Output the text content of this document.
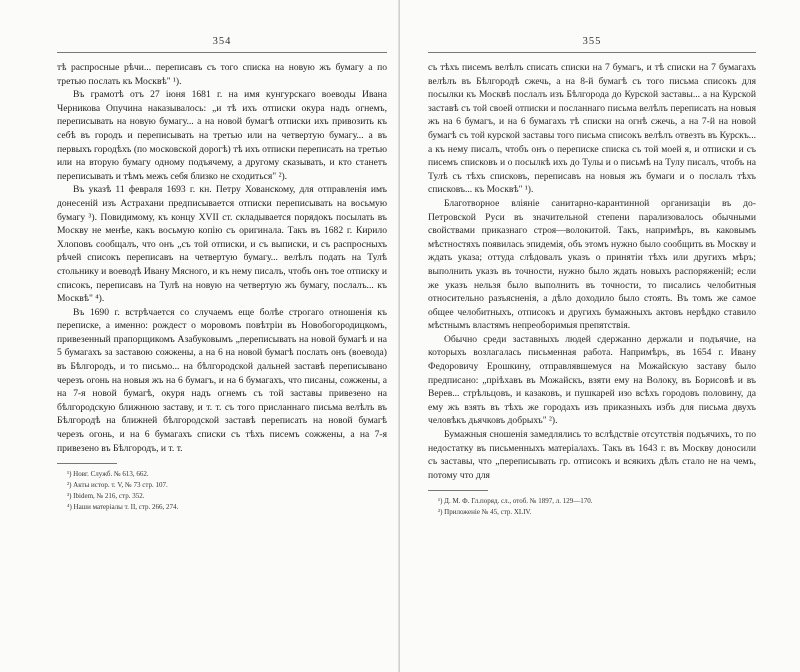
354

тѣ распросные рѣчи... переписавъ съ того списка на новую жъ бумагу а по третью послать къ Москвѣ" ¹).

Въ грамотѣ отъ 27 іюня 1681 г. на имя кунгурскаго воеводы Ивана Черникова Опучина наказывалось: „и тѣ ихъ отписки окура надъ огнемъ, переписывать на новую бумагу... а на новой бумагѣ отписки ихъ привозить къ себѣ въ городъ и переписывать на третью или на четвертую бумагу... а въ первыхъ городѣхъ (по московской дорогѣ) тѣ ихъ отписки переписать на третью или на вторую бумагу одному подъячему, а другому сказывать, и кто станетъ переписывать и тѣмъ межъ себя близко не сходиться" ²).

Въ указѣ 11 февраля 1693 г. кн. Петру Хованскому, для отправленія имъ донесеній изъ Астрахани предписывается отписки переписывать на восьмую бумагу ³). Повидимому, къ концу XVII ст. складывается порядокъ посылать въ Москву не менѣе, какъ восьмую копію съ оригинала. Такъ въ 1682 г. Кирило Хлоповъ сообщалъ, что онъ „съ той отписки, и съ выписки, и съ распросныхъ рѣчей списокъ переписавъ на четвертую бумагу... велѣлъ подать на Тулѣ стольнику и воеводѣ Ивану Мясного, и къ нему писалъ, чтобъ онъ тое отписку и списокъ, переписавъ на Тулѣ на новую на четвертую жъ бумагу, послалъ... къ Москвѣ" ⁴).

Въ 1690 г. встрѣчается со случаемъ еще болѣе строгаго отношенія къ переписке, а именно: рождест о моровомъ повѣтріи въ Новобогородицкомъ, привезенный прапорщикомъ Азабуковымъ „переписывать на новой бумагѣ и на 5 бумагахъ за заставою сожжены, а на 6 на новой бумагѣ послать онъ (воевода) въ Бѣлгородъ, и то письмо... на бѣлгородской дальней заставѣ переписывано черезъ огонь на новыя жъ на 6 бумагъ, и на 6 бумагахъ, что писаны, сожжены, а на 7-я новой бумагѣ, окуря надъ огнемъ съ той заставы привезено на бѣлгородскую ближнюю заставу, и т. т. съ того присланнаго письма велѣлъ въ Бѣлгородѣ на ближней бѣлгородской заставѣ переписать на новой бумагѣ черезъ огонь, и на 6 бумагахъ списки съ тѣхъ писемъ сожжены, а на 7-я привезено въ Бѣлгородъ, и т. т.

¹) Новг. Служб. № 613, 662.
²) Акты истор. т. V, № 73 стр. 107.
³) Ibidem, № 216, стр. 352.
⁴) Наши матеріалы т. II, стр. 266, 274.
355

съ тѣхъ писемъ велѣлъ списать списки на 7 бумагъ, и тѣ списки на 7 бумагахъ велѣлъ въ Бѣлгородѣ сжечь, а на 8-й бумагѣ съ того письма списокъ для посылки къ Москвѣ послалъ изъ Бѣлгорода до Курской заставы... а на Курской заставѣ съ той своей отписки и посланнаго письма велѣлъ переписать на новыя жъ на 6 бумагъ, и на 6 бумагахъ тѣ списки на огнѣ сжечь, а на 7-й на новой бумагѣ съ той курской заставы того письма списокъ велѣлъ отвезть въ Курскъ... а къ нему писалъ, чтобъ онъ о переписке списка съ той моей я, и отписки и съ писемъ списковъ и о посылкѣ ихъ до Тулы и о письмѣ на Тулу писалъ, чтобъ на Тулѣ съ тѣхъ списковъ, переписавъ на новыя жъ бумаги и о послалъ тѣхъ списковъ... къ Москвѣ" ¹).

Благотворное вліяніе санитарно-карантинной организаціи въ до-Петровской Руси въ значительной степени парализовалось обычными свойствами приказнаго строя—волокитой. Такъ, напримѣръ, въ каковымъ мѣстностяхъ появилась эпидемія, объ этомъ нужно было сообщить въ Москву и ждать указа; оттуда слѣдовалъ указъ о принятіи тѣхъ или другихъ мѣръ; выполнить указъ въ точности, нужно было ждать новыхъ распоряженій; если же указъ нельзя было выполнить въ точности, то писались челобитныя относительно разъясненія, а дѣло доходило было стоять. Въ томъ же самое общее челобитныхъ, отписокъ и другихъ бумажныхъ актовъ нерѣдко ставило мѣстнымъ властямъ непреоборимыя препятствія.

Обычно среди заставныхъ людей сдержанно держали и подъячие, на которыхъ возлагалась письменная работа. Напримѣръ, въ 1654 г. Ивану Федоровичу Ерошкину, отправлявшемуся на Можайскую заставу было предписано: „пріѣхавъ въ Можайскъ, взяти ему на Волоку, въ Борисовѣ и въ Верев... стрѣльцовъ, и казаковъ, и пушкарей изо всѣхъ городовъ половину, да ему жъ взять въ тѣхъ же городахъ изъ приказныхъ избъ для письма двухъ человѣкъ дьячковъ добрыхъ" ²).

Бумажныя сношенія замедлялись то вслѣдствіе отсутствія подъячихъ, то по недостатку въ письменныхъ матеріалахъ. Такъ въ 1643 г. въ Москву доносили съ заставы, что „переписывать гр. отписокъ и всякихъ дѣлъ стало не на чемъ, потому что для

¹) Д. М. Ф. Гл.поряд. сл., отоб. № 1897, л. 129—170.
²) Приложеніе № 45, стр. XLIV.
